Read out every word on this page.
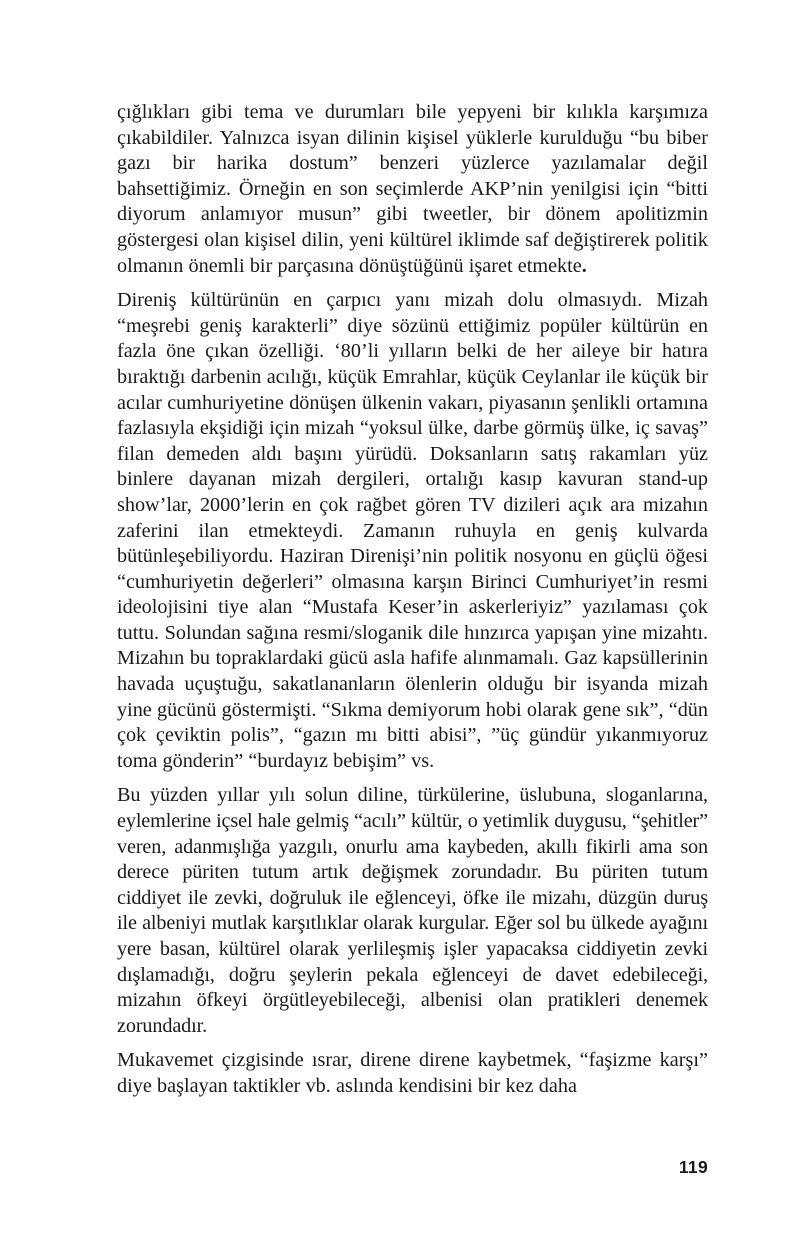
çığlıkları gibi tema ve durumları bile yepyeni bir kılıkla karşımıza çıkabildiler. Yalnızca isyan dilinin kişisel yüklerle kurulduğu “bu biber gazı bir harika dostum” benzeri yüzlerce yazılamalar değil bahsettiğimiz. Örneğin en son seçimlerde AKP’nin yenilgisi için “bitti diyorum anlamıyor musun” gibi tweetler, bir dönem apolitizmin göstergesi olan kişisel dilin, yeni kültürel iklimde saf değiştirerek politik olmanın önemli bir parçasına dönüştüğünü işaret etmekte.

Direniş kültürünün en çarpıcı yanı mizah dolu olmasıydı. Mizah “meşrebi geniş karakterli” diye sözünü ettiğimiz popüler kültürün en fazla öne çıkan özelliği. ‘80’li yılların belki de her aileye bir hatıra bıraktığı darbenin acılığı, küçük Emrahlar, küçük Ceylanlar ile küçük bir acılar cumhuriyetine dönüşen ülkenin vakarı, piyasanın şenlikli ortamına fazlasıyla ekşidiği için mizah “yoksul ülke, darbe görmüş ülke, iç savaş” filan demeden aldı başını yürüdü. Doksanların satış rakamları yüz binlere dayanan mizah dergileri, ortalığı kasıp kavuran stand-up show’lar, 2000’lerin en çok rağbet gören TV dizileri açık ara mizahın zaferini ilan etmekteydi. Zamanın ruhuyla en geniş kulvarda bütünleşebiliyordu. Haziran Direnişi’nin politik nosyonu en güçlü öğesi “cumhuriyetin değerleri” olmasına karşın Birinci Cumhuriyet’in resmi ideolojisini tiye alan “Mustafa Keser’in askerleriyiz” yazılaması çok tuttu. Solundan sağına resmi/sloganik dile hınzırca yapışan yine mizahtı. Mizahın bu topraklardaki gücü asla hafife alınmamalı. Gaz kapsüllerinin havada uçuştuğu, sakatlananların ölenlerin olduğu bir isyanda mizah yine gücünü göstermişti. “Sıkma demiyorum hobi olarak gene sık”, “dün çok çeviktin polis”, “gazın mı bitti abisi”, ”üç gündür yıkanmıyoruz toma gönderin” “burdayız bebişim” vs.

Bu yüzden yıllar yılı solun diline, türkülerine, üslubuna, sloganlarına, eylemlerine içsel hale gelmiş “acılı” kültür, o yetimlik duygusu, “şehitler” veren, adanmışlığa yazgılı, onurlu ama kaybeden, akıllı fikirli ama son derece püriten tutum artık değişmek zorundadır. Bu püriten tutum ciddiyet ile zevki, doğruluk ile eğlenceyi, öfke ile mizahı, düzgün duruş ile albeniyi mutlak karşıtlıklar olarak kurgular. Eğer sol bu ülkede ayağını yere basan, kültürel olarak yerlileşmiş işler yapacaksa ciddiyetin zevki dışlamadığı, doğru şeylerin pekala eğlenceyi de davet edebileceği, mizahın öfkeyi örgütleyebileceği, albenisi olan pratikleri denemek zorundadır.

Mukavemet çizgisinde ısrar, direne direne kaybetmek, “faşizme karşı” diye başlayan taktikler vb. aslında kendisini bir kez daha

119
